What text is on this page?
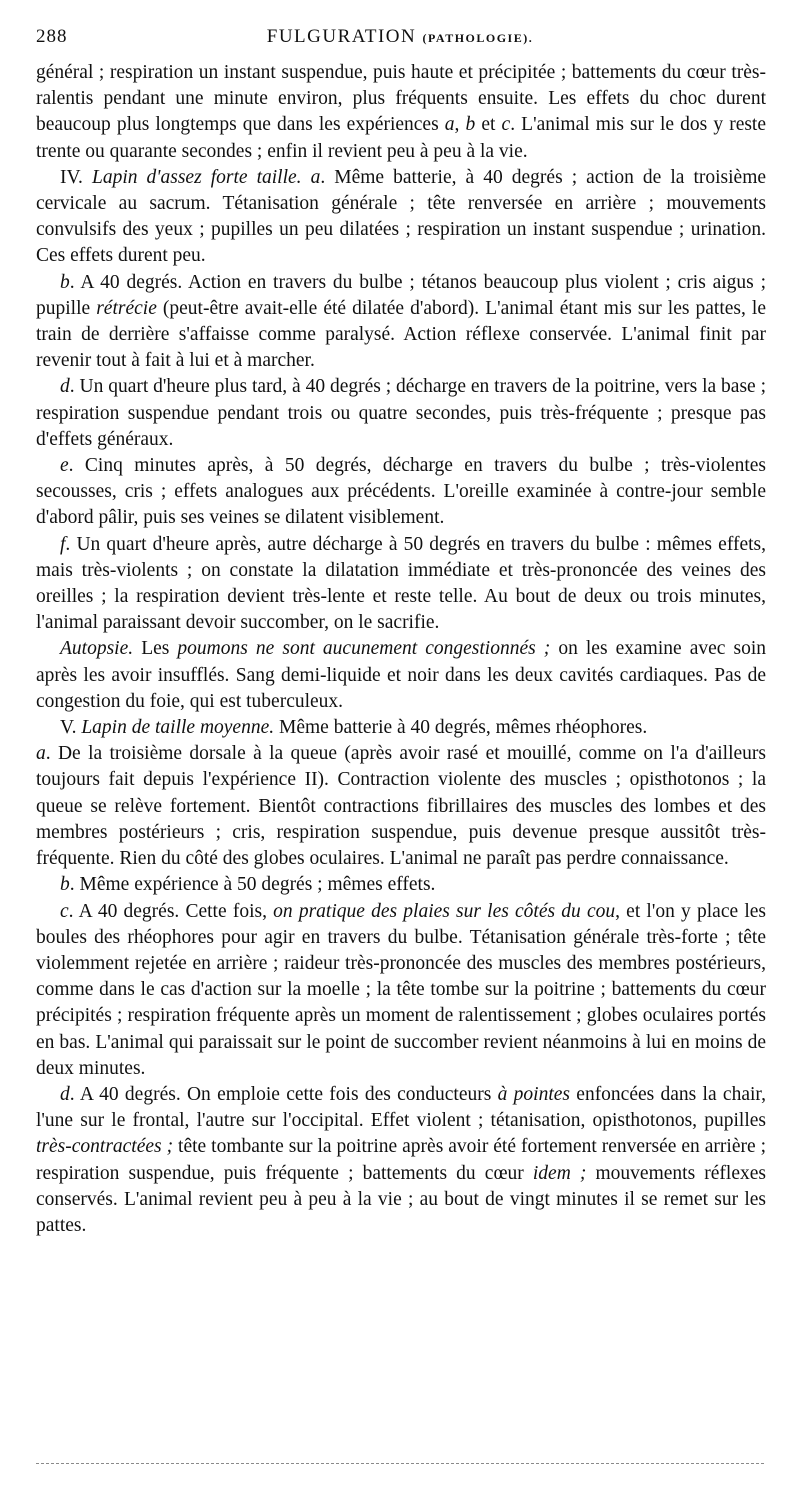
288	FULGURATION (PATHOLOGIE).

général ; respiration un instant suspendue, puis haute et précipitée ; battements du cœur très-ralentis pendant une minute environ, plus fréquents ensuite. Les effets du choc durent beaucoup plus longtemps que dans les expériences a, b et c. L'animal mis sur le dos y reste trente ou quarante secondes ; enfin il revient peu à peu à la vie.

IV. Lapin d'assez forte taille. a. Même batterie, à 40 degrés ; action de la troisième cervicale au sacrum. Tétanisation générale ; tête renversée en arrière ; mouvements convulsifs des yeux ; pupilles un peu dilatées ; respiration un instant suspendue ; urination. Ces effets durent peu.

b. A 40 degrés. Action en travers du bulbe ; tétanos beaucoup plus violent ; cris aigus ; pupille rétrécie (peut-être avait-elle été dilatée d'abord). L'animal étant mis sur les pattes, le train de derrière s'affaisse comme paralysé. Action réflexe conservée. L'animal finit par revenir tout à fait à lui et à marcher.

d. Un quart d'heure plus tard, à 40 degrés ; décharge en travers de la poitrine, vers la base ; respiration suspendue pendant trois ou quatre secondes, puis très-fréquente ; presque pas d'effets généraux.

e. Cinq minutes après, à 50 degrés, décharge en travers du bulbe ; très-violentes secousses, cris ; effets analogues aux précédents. L'oreille examinée à contre-jour semble d'abord pâlir, puis ses veines se dilatent visiblement.

f. Un quart d'heure après, autre décharge à 50 degrés en travers du bulbe : mêmes effets, mais très-violents ; on constate la dilatation immédiate et très-prononcée des veines des oreilles ; la respiration devient très-lente et reste telle. Au bout de deux ou trois minutes, l'animal paraissant devoir succomber, on le sacrifie.

Autopsie. Les poumons ne sont aucunement congestionnés ; on les examine avec soin après les avoir insufflés. Sang demi-liquide et noir dans les deux cavités cardiaques. Pas de congestion du foie, qui est tuberculeux.

V. Lapin de taille moyenne. Même batterie à 40 degrés, mêmes rhéophores.

a. De la troisième dorsale à la queue (après avoir rasé et mouillé, comme on l'a d'ailleurs toujours fait depuis l'expérience II). Contraction violente des muscles ; opisthotonos ; la queue se relève fortement. Bientôt contractions fibrillaires des muscles des lombes et des membres postérieurs ; cris, respiration suspendue, puis devenue presque aussitôt très-fréquente. Rien du côté des globes oculaires. L'animal ne paraît pas perdre connaissance.

b. Même expérience à 50 degrés ; mêmes effets.

c. A 40 degrés. Cette fois, on pratique des plaies sur les côtés du cou, et l'on y place les boules des rhéophores pour agir en travers du bulbe. Tétanisation générale très-forte ; tête violemment rejetée en arrière ; raideur très-prononcée des muscles des membres postérieurs, comme dans le cas d'action sur la moelle ; la tête tombe sur la poitrine ; battements du cœur précipités ; respiration fréquente après un moment de ralentissement ; globes oculaires portés en bas. L'animal qui paraissait sur le point de succomber revient néanmoins à lui en moins de deux minutes.

d. A 40 degrés. On emploie cette fois des conducteurs à pointes enfoncées dans la chair, l'une sur le frontal, l'autre sur l'occipital. Effet violent ; tétanisation, opisthotonos, pupilles très-contractées ; tête tombante sur la poitrine après avoir été fortement renversée en arrière ; respiration suspendue, puis fréquente ; battements du cœur idem ; mouvements réflexes conservés. L'animal revient peu à peu à la vie ; au bout de vingt minutes il se remet sur les pattes.
